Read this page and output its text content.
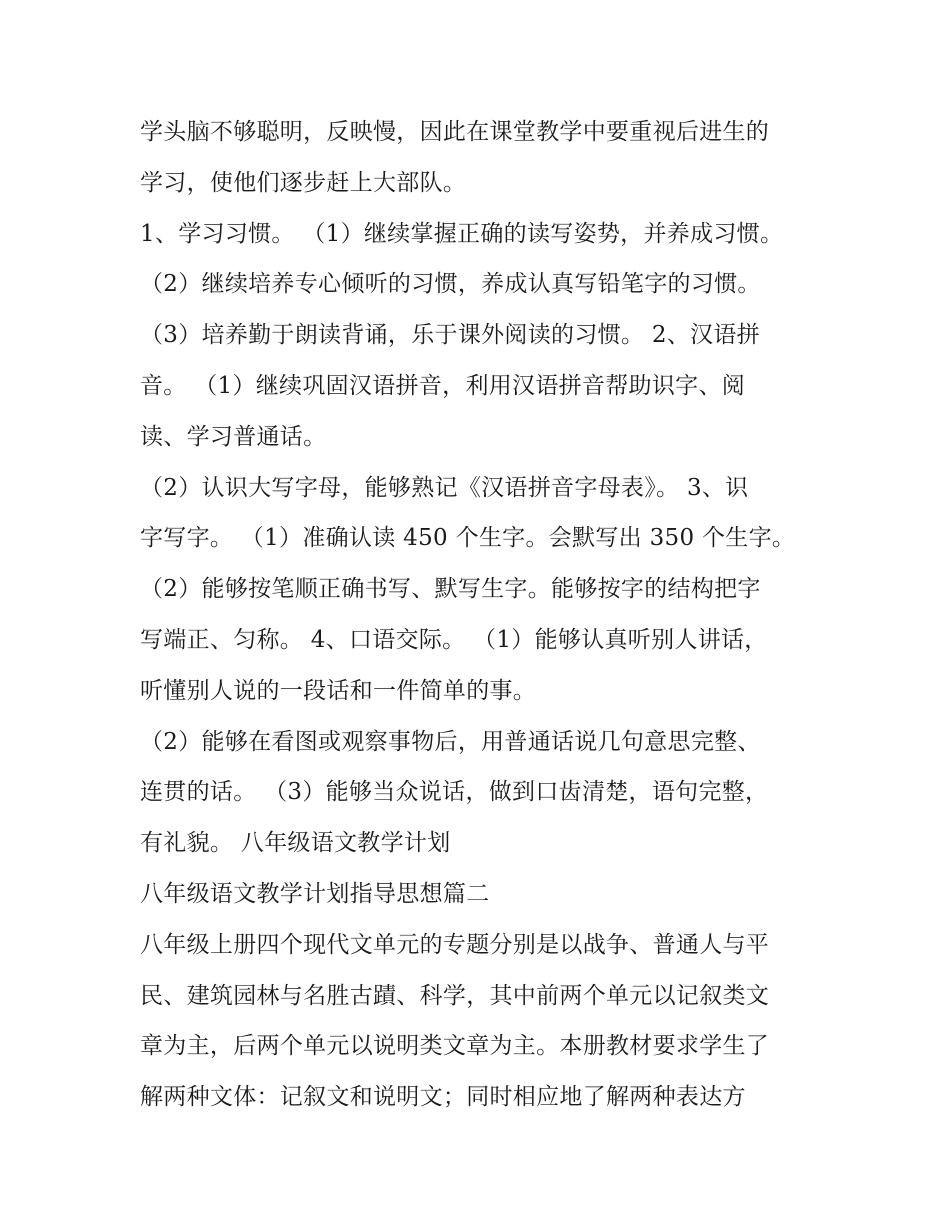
学头脑不够聪明，反映慢，因此在课堂教学中要重视后进生的
学习，使他们逐步赶上大部队。
1、学习习惯。 （1）继续掌握正确的读写姿势，并养成习惯。
（2）继续培养专心倾听的习惯，养成认真写铅笔字的习惯。
（3）培养勤于朗读背诵，乐于课外阅读的习惯。 2、汉语拼
音。 （1）继续巩固汉语拼音，利用汉语拼音帮助识字、阅
读、学习普通话。
（2）认识大写字母，能够熟记《汉语拼音字母表》。 3、识
字写字。 （1）准确认读 450 个生字。会默写出 350 个生字。
（2）能够按笔顺正确书写、默写生字。能够按字的结构把字
写端正、匀称。 4、口语交际。 （1）能够认真听别人讲话，
听懂别人说的一段话和一件简单的事。
（2）能够在看图或观察事物后，用普通话说几句意思完整、
连贯的话。 （3）能够当众说话，做到口齿清楚，语句完整，
有礼貌。 八年级语文教学计划
八年级语文教学计划指导思想篇二
八年级上册四个现代文单元的专题分别是以战争、普通人与平
民、建筑园林与名胜古蹟、科学，其中前两个单元以记叙类文
章为主，后两个单元以说明类文章为主。本册教材要求学生了
解两种文体：记叙文和说明文；同时相应地了解两种表达方
